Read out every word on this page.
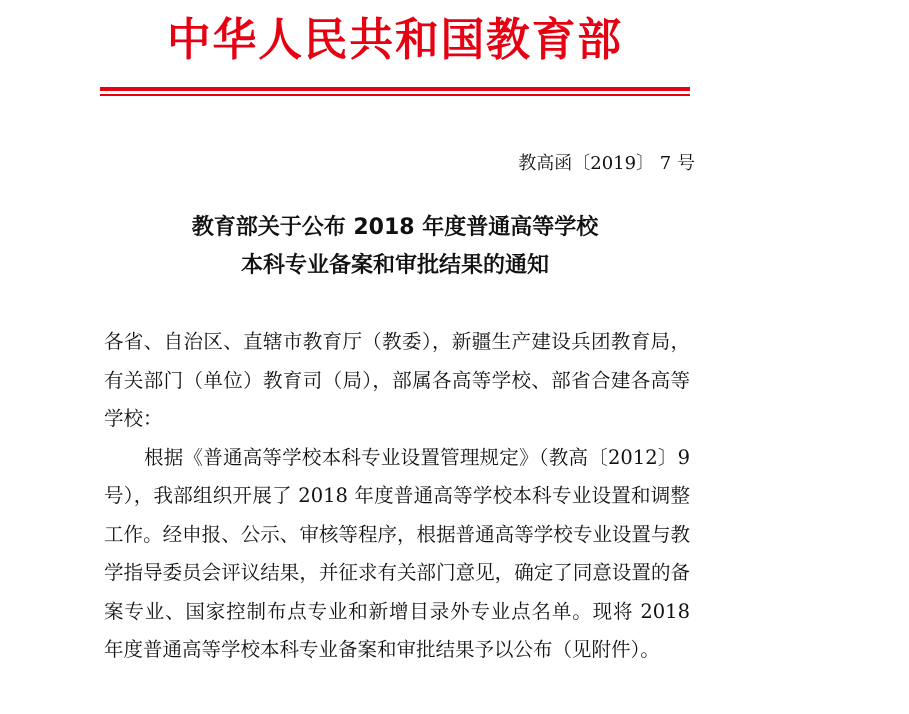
中华人民共和国教育部
教高函〔2019〕 7 号
教育部关于公布 2018 年度普通高等学校
本科专业备案和审批结果的通知

各省、自治区、直辖市教育厅（教委），新疆生产建设兵团教育局，有关部门（单位）教育司（局），部属各高等学校、部省合建各高等学校：

根据《普通高等学校本科专业设置管理规定》（教高〔2012〕9 号），我部组织开展了 2018 年度普通高等学校本科专业设置和调整工作。经申报、公示、审核等程序，根据普通高等学校专业设置与教学指导委员会评议结果，并征求有关部门意见，确定了同意设置的备案专业、国家控制布点专业和新增目录外专业点名单。现将 2018 年度普通高等学校本科专业备案和审批结果予以公布（见附件）。
